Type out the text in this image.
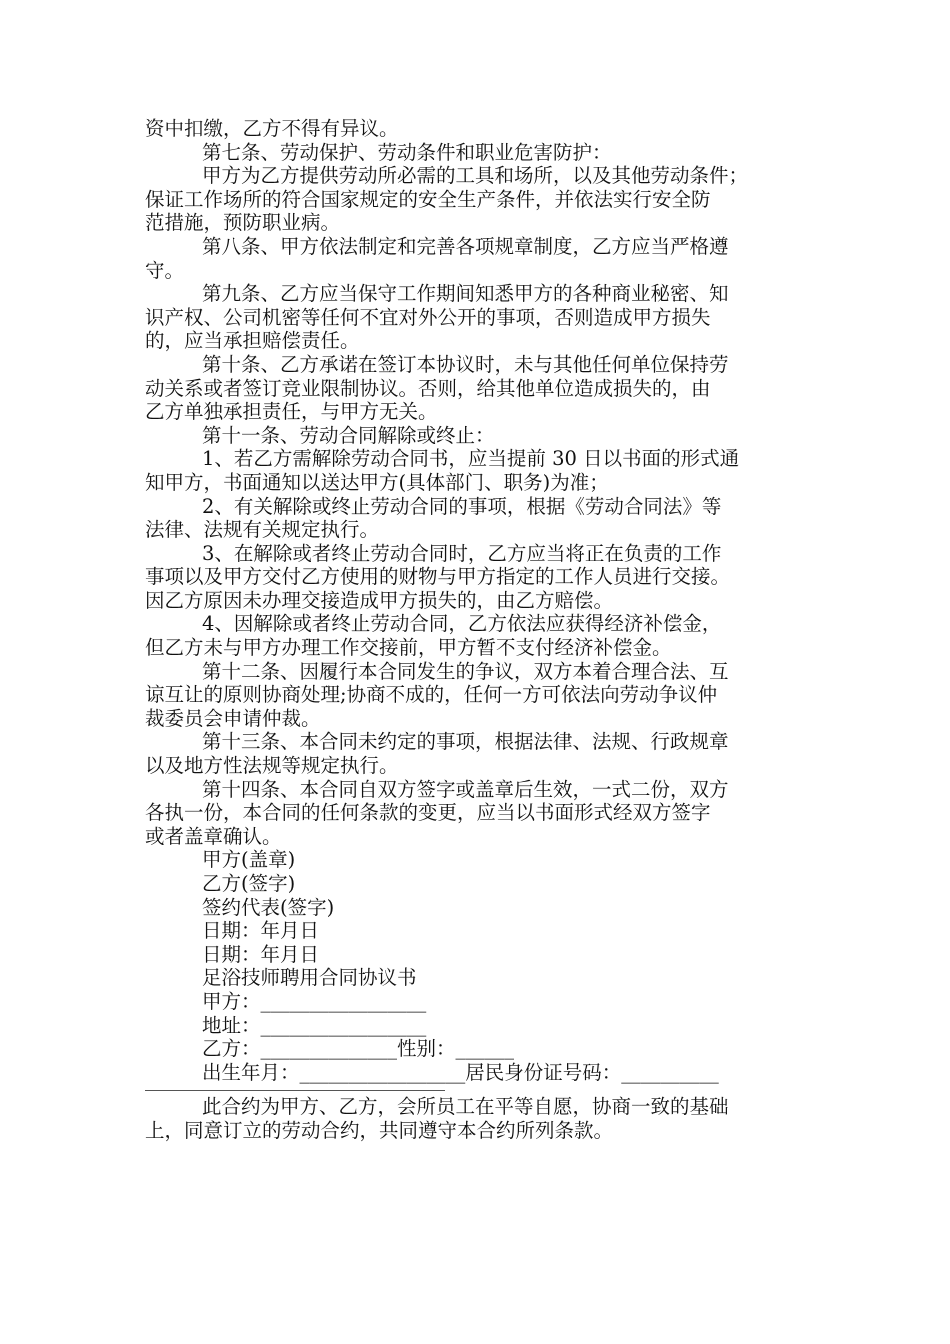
资中扣缴，乙方不得有异议。
第七条、劳动保护、劳动条件和职业危害防护：
甲方为乙方提供劳动所必需的工具和场所，以及其他劳动条件；
保证工作场所的符合国家规定的安全生产条件，并依法实行安全防
范措施，预防职业病。
第八条、甲方依法制定和完善各项规章制度，乙方应当严格遵
守。
第九条、乙方应当保守工作期间知悉甲方的各种商业秘密、知
识产权、公司机密等任何不宜对外公开的事项，否则造成甲方损失
的，应当承担赔偿责任。
第十条、乙方承诺在签订本协议时，未与其他任何单位保持劳
动关系或者签订竞业限制协议。否则，给其他单位造成损失的，由
乙方单独承担责任，与甲方无关。
第十一条、劳动合同解除或终止：
1、若乙方需解除劳动合同书，应当提前 30 日以书面的形式通
知甲方，书面通知以送达甲方(具体部门、职务)为准；
2、有关解除或终止劳动合同的事项，根据《劳动合同法》等
法律、法规有关规定执行。
3、在解除或者终止劳动合同时，乙方应当将正在负责的工作
事项以及甲方交付乙方使用的财物与甲方指定的工作人员进行交接。
因乙方原因未办理交接造成甲方损失的，由乙方赔偿。
4、因解除或者终止劳动合同，乙方依法应获得经济补偿金，
但乙方未与甲方办理工作交接前，甲方暂不支付经济补偿金。
第十二条、因履行本合同发生的争议，双方本着合理合法、互
谅互让的原则协商处理;协商不成的，任何一方可依法向劳动争议仲
裁委员会申请仲裁。
第十三条、本合同未约定的事项，根据法律、法规、行政规章
以及地方性法规等规定执行。
第十四条、本合同自双方签字或盖章后生效，一式二份，双方
各执一份，本合同的任何条款的变更，应当以书面形式经双方签字
或者盖章确认。
甲方(盖章)
乙方(签字)
签约代表(签字)
日期：年月日
日期：年月日
足浴技师聘用合同协议书
甲方：_________________
地址：_________________
乙方：______________性别：______
出生年月：_________________居民身份证号码：__________
此合约为甲方、乙方，会所员工在平等自愿，协商一致的基础
上，同意订立的劳动合约，共同遵守本合约所列条款。
